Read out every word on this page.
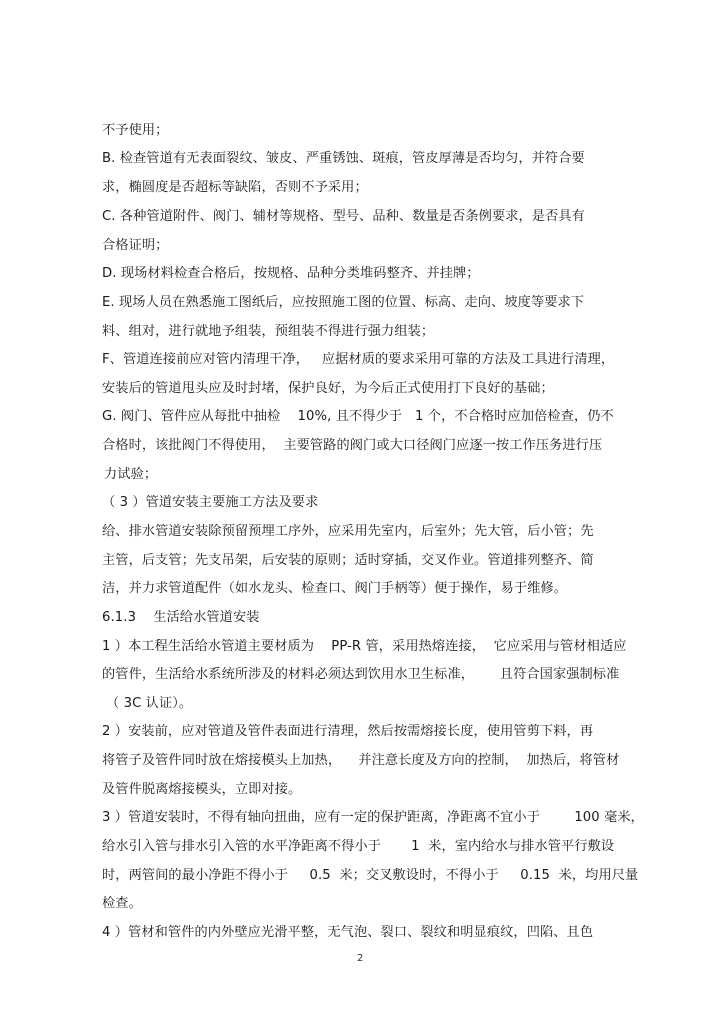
不予使用；
B. 检查管道有无表面裂纹、皱皮、严重锈蚀、斑痕，管皮厚薄是否均匀，并符合要
求，椭圆度是否超标等缺陷，否则不予采用；
C. 各种管道附件、阀门、辅材等规格、型号、品种、数量是否条例要求，是否具有
合格证明；
D. 现场材料检查合格后，按规格、品种分类堆码整齐、并挂牌；
E. 现场人员在熟悉施工图纸后，应按照施工图的位置、标高、走向、坡度等要求下
料、组对，进行就地予组装，预组装不得进行强力组装；
F、管道连接前应对管内清理干净，   应据材质的要求采用可靠的方法及工具进行清理，
安装后的管道甩头应及时封堵，保护良好，为今后正式使用打下良好的基础；
G. 阀门、管件应从每批中抽检    10%, 且不得少于   1 个，不合格时应加倍检查，仍不
合格时，该批阀门不得使用，  主要管路的阀门或大口径阀门应逐一按工作压务进行压
力试验；
（ 3 ）管道安装主要施工方法及要求
给、排水管道安装除预留预埋工序外，应采用先室内，后室外；先大管，后小管；先
主管，后支管；先支吊架，后安装的原则；适时穿插，交叉作业。管道排列整齐、简
洁，并力求管道配件（如水龙头、检查口、阀门手柄等）便于操作，易于维修。
6.1.3    生活给水管道安装
1 ）本工程生活给水管道主要材质为    PP-R 管，采用热熔连接，  它应采用与管材相适应
的管件，生活给水系统所涉及的材料必须达到饮用水卫生标准，      且符合国家强制标准
（ 3C 认证）。
2 ）安装前，应对管道及管件表面进行清理，然后按需熔接长度，使用管剪下料，再
将管子及管件同时放在熔接模头上加热，    并注意长度及方向的控制，  加热后，将管材
及管件脱离熔接模头，立即对接。
3 ）管道安装时，不得有轴向扭曲，应有一定的保护距离，净距离不宜小于        100 毫米，
给水引入管与排水引入管的水平净距离不得小于       1  米，室内给水与排水管平行敷设
时，两管间的最小净距不得小于     0.5  米；交叉敷设时，不得小于     0.15  米，均用尺量
检查。
4 ）管材和管件的内外壁应光滑平整，无气泡、裂口、裂纹和明显痕纹，凹陷、且色
2
